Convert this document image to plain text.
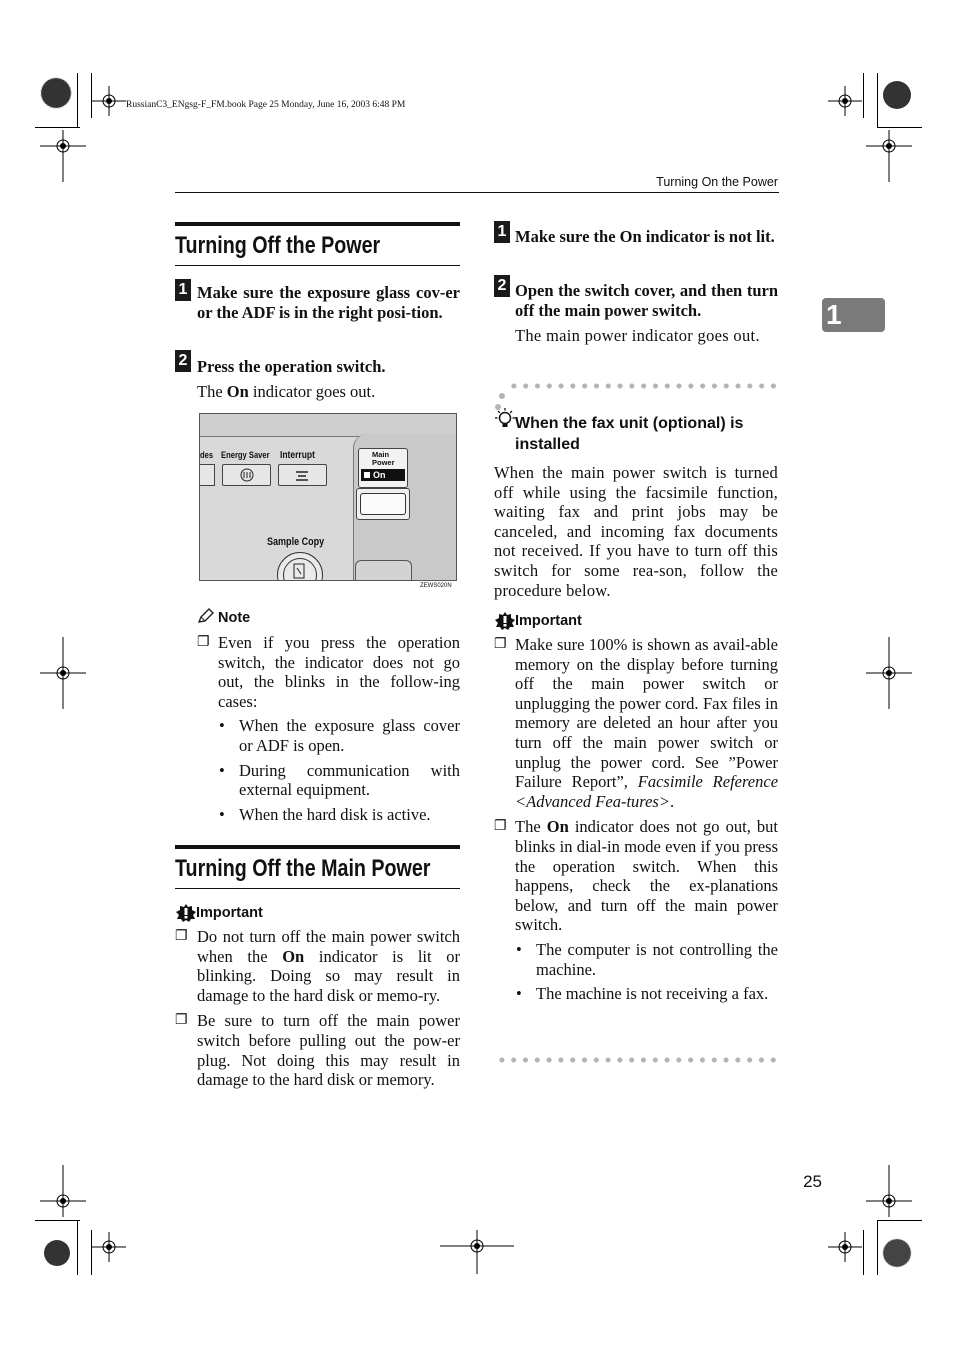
RussianC3_ENgsg-F_FM.book Page 25 Monday, June 16, 2003 6:48 PM
Turning On the Power
1
Turning Off the Power
1 Make sure the exposure glass cov-er or the ADF is in the right posi-tion.
2 Press the operation switch.
The On indicator goes out.
des Energy Saver Interrupt	Main Power
On
Sample Copy
ZEWS020N
Note
❐ Even if you press the operation switch, the indicator does not go out, the blinks in the follow-ing cases:

• When the exposure glass cover or ADF is open.

• During communication with external equipment.

• When the hard disk is active.

Turning Off the Main Power
Important
❐ Do not turn off the main power switch when the On indicator is lit or blinking. Doing so may result in damage to the hard disk or memo-ry.

❐ Be sure to turn off the main power switch before pulling out the pow-er plug. Not doing this may result in damage to the hard disk or memory.

1 Make sure the On indicator is not lit.
2 Open the switch cover, and then turn off the main power switch.
The main power indicator goes out.
When the fax unit (optional) is installed
When the main power switch is turned off while using the facsimile function, waiting fax and print jobs may be canceled, and incoming fax documents not received. If you have to turn off this switch for some rea-son, follow the procedure below.
Important
❐ Make sure 100% is shown as avail-able memory on the display before turning off the main power switch or unplugging the power cord. Fax files in memory are deleted an hour after you turn off the main power switch or unplug the power cord. See ”Power Failure Report”, Facsimile Reference <Advanced Fea-tures>.

❐ The On indicator does not go out, but blinks in dial-in mode even if you press the operation switch. When this happens, check the ex-planations below, and turn off the main power switch.

• The computer is not controlling the machine.

• The machine is not receiving a fax.

25
